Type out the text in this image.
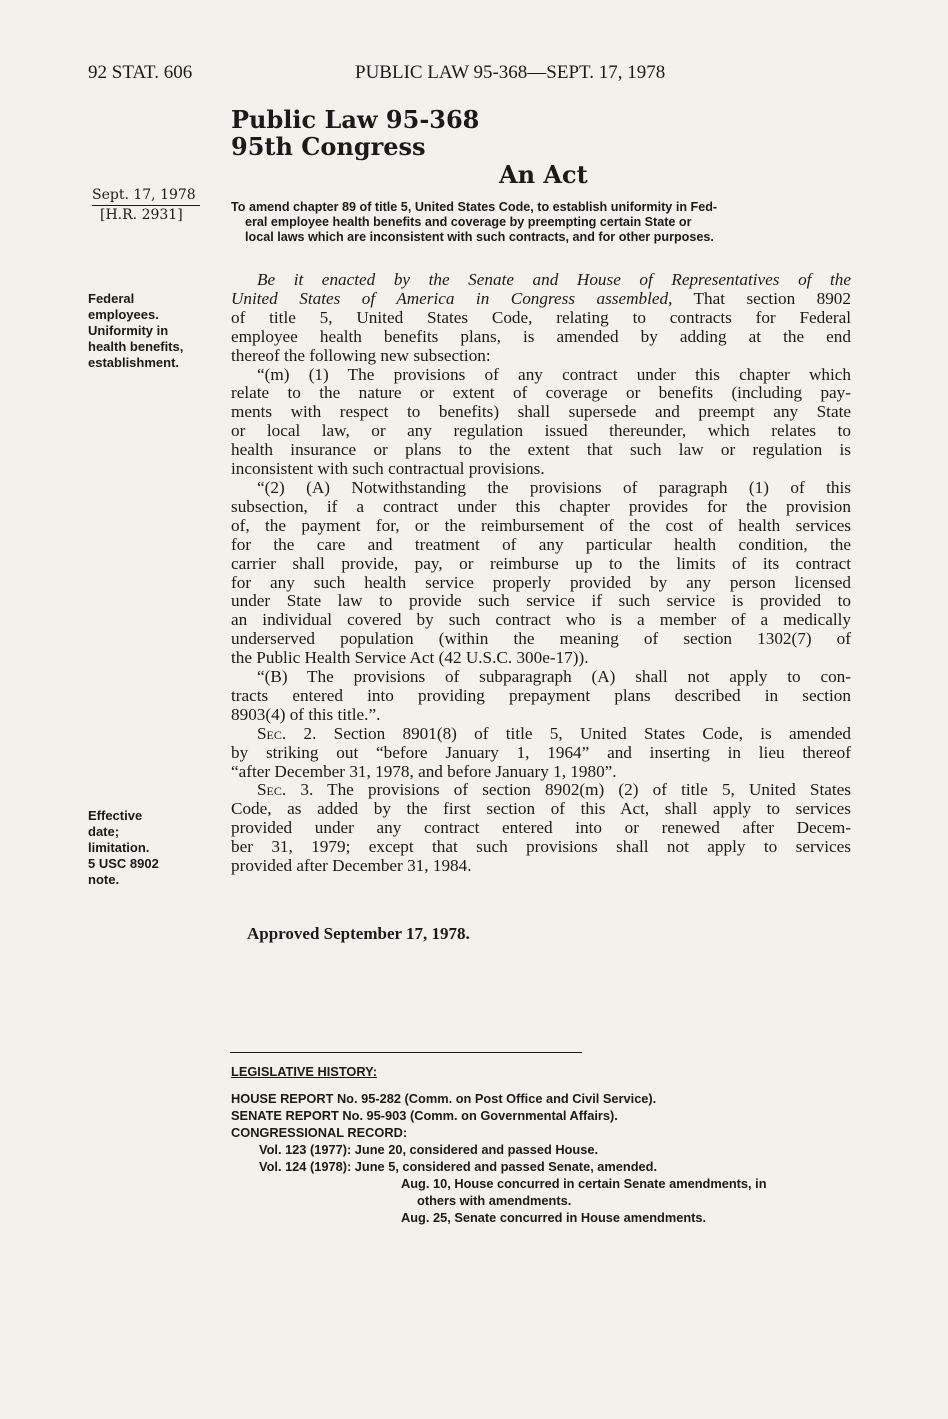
92 STAT. 606	PUBLIC LAW 95-368—SEPT. 17, 1978
Public Law 95-368
95th Congress
An Act
Sept. 17, 1978
[H.R. 2931]	To amend chapter 89 of title 5, United States Code, to establish uniformity in Fed-
eral employee health benefits and coverage by preempting certain State or
local laws which are inconsistent with such contracts, and for other purposes.
Federal
employees.
Uniformity in
health benefits,
establishment.
Effective
date;
limitation.
5 USC 8902
note.
Be it enacted by the Senate and House of Representatives of the
United States of America in Congress assembled, That section 8902
of title 5, United States Code, relating to contracts for Federal
employee health benefits plans, is amended by adding at the end
thereof the following new subsection:
“(m) (1) The provisions of any contract under this chapter which
relate to the nature or extent of coverage or benefits (including pay-
ments with respect to benefits) shall supersede and preempt any State
or local law, or any regulation issued thereunder, which relates to
health insurance or plans to the extent that such law or regulation is
inconsistent with such contractual provisions.
“(2) (A) Notwithstanding the provisions of paragraph (1) of this
subsection, if a contract under this chapter provides for the provision
of, the payment for, or the reimbursement of the cost of health services
for the care and treatment of any particular health condition, the
carrier shall provide, pay, or reimburse up to the limits of its contract
for any such health service properly provided by any person licensed
under State law to provide such service if such service is provided to
an individual covered by such contract who is a member of a medically
underserved population (within the meaning of section 1302(7) of
the Public Health Service Act (42 U.S.C. 300e-17)).
“(B) The provisions of subparagraph (A) shall not apply to con-
tracts entered into providing prepayment plans described in section
8903(4) of this title.”.
Sec. 2. Section 8901(8) of title 5, United States Code, is amended
by striking out “before January 1, 1964” and inserting in lieu thereof
“after December 31, 1978, and before January 1, 1980”.
Sec. 3. The provisions of section 8902(m) (2) of title 5, United States
Code, as added by the first section of this Act, shall apply to services
provided under any contract entered into or renewed after Decem-
ber 31, 1979; except that such provisions shall not apply to services
provided after December 31, 1984.
Approved September 17, 1978.
LEGISLATIVE HISTORY:
HOUSE REPORT No. 95-282 (Comm. on Post Office and Civil Service).
SENATE REPORT No. 95-903 (Comm. on Governmental Affairs).
CONGRESSIONAL RECORD:
Vol. 123 (1977): June 20, considered and passed House.
Vol. 124 (1978): June 5, considered and passed Senate, amended.
Aug. 10, House concurred in certain Senate amendments, in
others with amendments.
Aug. 25, Senate concurred in House amendments.
